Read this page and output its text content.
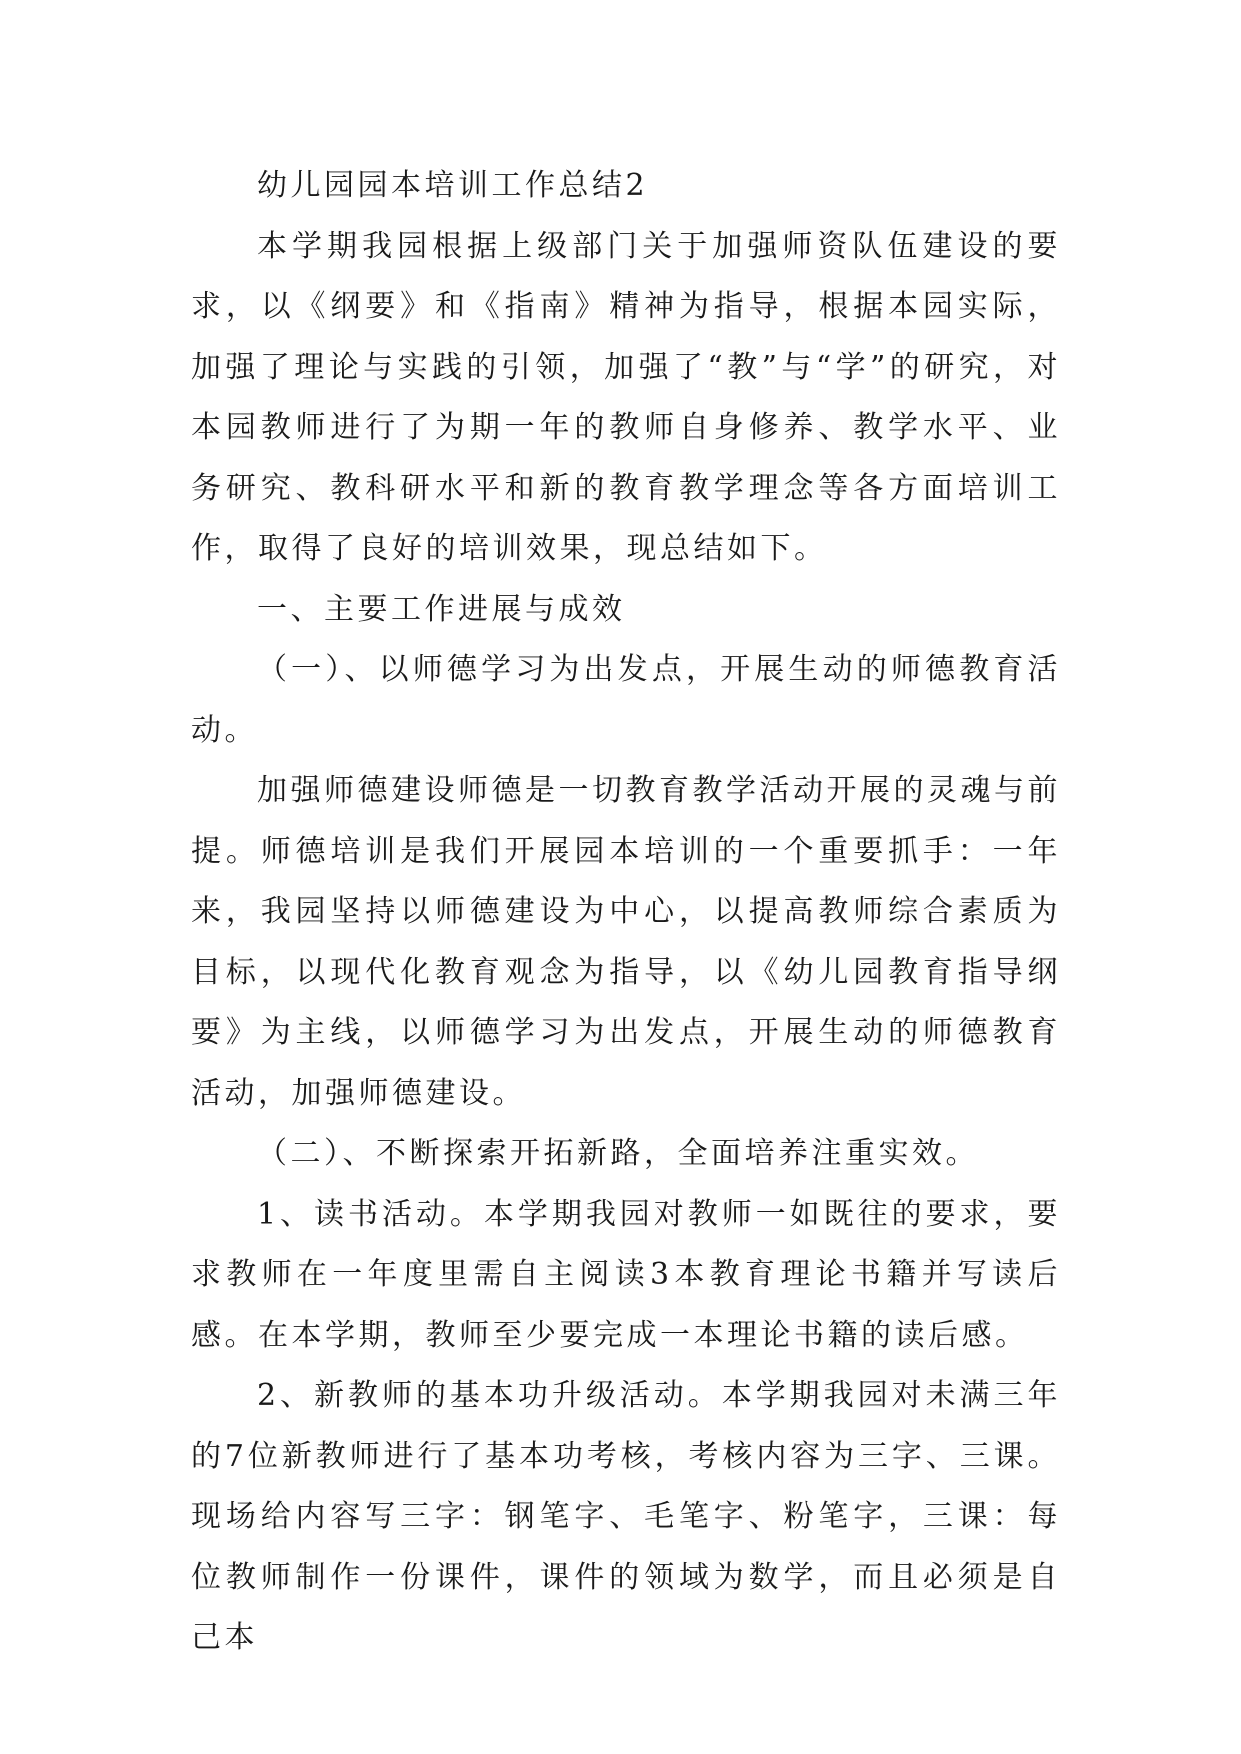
幼儿园园本培训工作总结2

本学期我园根据上级部门关于加强师资队伍建设的要求，以《纲要》和《指南》精神为指导，根据本园实际，加强了理论与实践的引领，加强了“教”与“学”的研究，对本园教师进行了为期一年的教师自身修养、教学水平、业务研究、教科研水平和新的教育教学理念等各方面培训工作，取得了良好的培训效果，现总结如下。

一、主要工作进展与成效

（一）、以师德学习为出发点，开展生动的师德教育活动。

加强师德建设师德是一切教育教学活动开展的灵魂与前提。师德培训是我们开展园本培训的一个重要抓手：一年来，我园坚持以师德建设为中心，以提高教师综合素质为目标，以现代化教育观念为指导，以《幼儿园教育指导纲要》为主线，以师德学习为出发点，开展生动的师德教育活动，加强师德建设。

（二）、不断探索开拓新路，全面培养注重实效。

1、读书活动。本学期我园对教师一如既往的要求，要求教师在一年度里需自主阅读3本教育理论书籍并写读后感。在本学期，教师至少要完成一本理论书籍的读后感。

2、新教师的基本功升级活动。本学期我园对未满三年的7位新教师进行了基本功考核，考核内容为三字、三课。现场给内容写三字：钢笔字、毛笔字、粉笔字，三课：每位教师制作一份课件，课件的领域为数学，而且必须是自己本
